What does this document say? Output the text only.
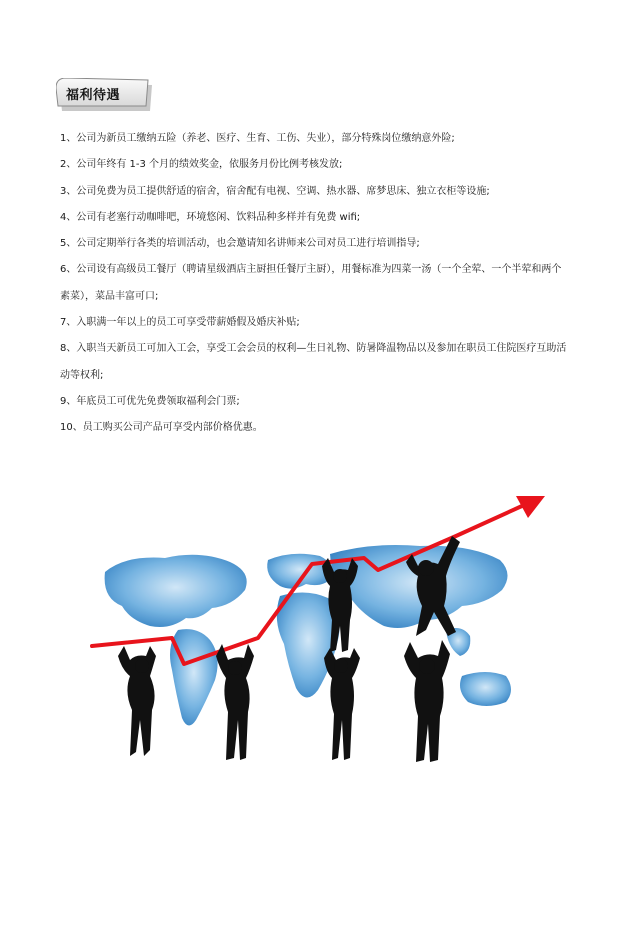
福利待遇
1、公司为新员工缴纳五险（养老、医疗、生育、工伤、失业），部分特殊岗位缴纳意外险;
2、公司年终有 1-3 个月的绩效奖金，依服务月份比例考核发放;
3、公司免费为员工提供舒适的宿舍，宿舍配有电视、空调、热水器、席梦思床、独立衣柜等设施;
4、公司有老塞行动咖啡吧，环境悠闲、饮料品种多样并有免费 wifi;
5、公司定期举行各类的培训活动，也会邀请知名讲师来公司对员工进行培训指导;
6、公司设有高级员工餐厅（聘请星级酒店主厨担任餐厅主厨），用餐标准为四菜一汤（一个全荤、一个半荤和两个素菜），菜品丰富可口;
7、入职满一年以上的员工可享受带薪婚假及婚庆补贴;
8、入职当天新员工可加入工会，享受工会会员的权利—生日礼物、防暑降温物品以及参加在职员工住院医疗互助活动等权利;
9、年底员工可优先免费领取福利会门票;
10、员工购买公司产品可享受内部价格优惠。
